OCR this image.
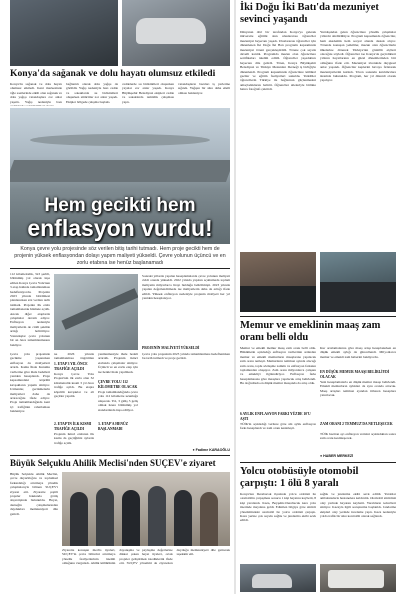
Konya'da sağanak ve dolu hayatı olumsuz etkiledi
Konya'da sağanak ve dolu hayatı olumsuz etkiledi. Kent merkezinde öğle saatlerinde etkili olan sağanak ve dolu yağışı vatandaşlara zor anlar yaşattı. Yağış nedeniyle bazı
bağlantılı olarak dolu yağışı da görüldü. Yağış nedeniyle bazı cadde ve sokaklarda su birikintileri oluşurken sürücüler zor anlar yaşadı. Ekipler bölgede çalışma başlattı.
caddelerde su birikintileri oluşurken yayalar zor anlar yaşadı. Konya Büyükşehir Belediyesi ekipleri cadde ve sokaklarda temizlik çalışması yaptı.
vatandaşların bazıları iş yerlerine sığındı. Yağışın bir süre daha etkili olması bekleniyor.
Hem gecikti hem
enflasyon vurdu!
Konya çevre yolu projesinde söz verilen bitiş tarihi tutmadı. Hem proje gecikti hem de projenin yüksek enflasyondan dolayı yapım maliyeti yükseldi. Çevre yolunun üçüncü ve en zorlu etabına ise henüz başlanamadı
112 kilometrelik, 3x3 şeritli, bölünmüş yol olarak inşa edilen Konya Çevre Yolu'nun 3 etap halinde tamamlanması hedefleniyordu. Projenin 2023 yılında bitirilmesi planlanırken söz verilen tarih tutmadı. Projenin ilk etabı tamamlanarak hizmete açıldı. Ancak diğer etaplarda çalışmalar devam ediyor. Enflasyon nedeniyle maliyetlerin de ciddi şekilde arttığı belirtiliyor. Vatandaşlar çevre yolunun bir an önce tamamlanmasını bekliyor.
Çevre yolu projesinde gecikme yaşanırken enflasyon da maliyetleri artırdı. Kamu İhale Kurumu verilerine göre ihale bedelleri yeniden hesaplandı. Proje kapsamındaki köprülü kavşakların yapımı sürüyor. Uzmanlar, gecikmelerin maliyetleri daha da artıracağını ifade ediyor. Proje tamamlandığında kent içi trafiğinin rahatlaması bekleniyor.
ne 2026 yılında tamamlanması öngörülen
1. ETAP 3 YIL ÖNCE TRAFİĞE AÇILDI
Konya Çevre Yolu Projesi'nin ilk etabı olan 32 kilometrelik kısım 3 yıl önce trafiğe açıldı. Bu etapta köprülü kavşaklar ve alt geçitler yapıldı.
2. ETAP'IN İLK KISMI TRAFİĞE AÇILDI
Projenin ikinci etabının ilk kısmı da geçtiğimiz aylarda trafiğe açıldı.
yenilenmesiyle ihale bedeli artırıldı. Projenin ikinci etabında çalışmalar sürüyor. Üçüncü ve en zorlu etap için ise henüz ihale yapılmadı.
ÇEVRE YOLU 112 KİLOMETRE OLACAK
Proje tamamlandığında çevre yolu 112 kilometre uzunluğa ulaşacak. Yol, 3 gidiş 3 geliş olmak üzere bölünmüş yol standardında inşa ediliyor.
3. ETAP'A HENÜZ BAŞLANMADI
Sonraki yıllarda yapılan hesaplamalarda çevre yolunun maliyeti ciddi oranda yükseldi. 2022 yılında yapılan açıklamada toplam maliyetin milyarlarca lirayı bulduğu belirtilmişti. 2023 yılında yapılan değerlendirmede ise maliyetlerin daha da arttığı ifade edildi. Yüksek enflasyon nedeniyle projenin maliyeti her yıl yeniden hesaplanıyor.
PROJENİN MALİYETİ YÜKSELDİ
Çevre yolu projesinin 2023 yılında tamamlanması hedeflenirken bu tarih tutmadı ve proje gecikti.
● Fadime KARAOĞLU
Büyük Selçuklu Ahilik Meclisi'nden SUÇEV'e ziyaret
Büyük Selçuklu Ahilik Meclisi, çevre duyarlılığını ve toplumsal farkındalığı artırmaya yönelik çalışmalarıyla bilinen SUÇEV'i ziyaret etti. Ziyarette çeşitli projeler hakkında görüş alışverişinde bulunuldu. Heyet, derneğin çalışmalarından duydukları memnuniyeti dile getirdi.
Ziyarette konuşan meclis üyeleri, SUÇEV'in çevre bilincini artırmaya yönelik faaliyetlerinin önemli olduğunu vurguladı. Ahilik kültürünün dayanışma ve paylaşma değerlerine dikkat çeken heyet üyeleri, ortak projeler geliştirmek istediklerini ifade etti. SUÇEV yönetimi de ziyaretten duyduğu memnuniyeti dile getirerek teşekkür etti.
İki Doğu İki Batı'da mezuniyet sevinci yaşandı
Dünyanın dört bir tarafından Konya'ya gelerek üniversite eğitimi alan uluslararası öğrenciler mezuniyet heyecanı yaşadı. Uluslararası öğrenciler için düzenlenen İki Doğu İki Batı programı kapsamında mezuniyet töreni gerçekleştirildi. Törene çok sayıda davetli katıldı. Programda mezun olan öğrencilere sertifikaları takdim edildi. Öğrenciler yaşadıkları heyecanı dile getirdi. Tören, Konya Büyükşehir Belediyesi ve Türkiye Mezunları Derneği iş birliğiyle düzenlendi. Program kapsamında öğrencilere kültürel geziler ve eğitim faaliyetleri sunuldu. Yetkililer öğrencilerin Türkiye ile bağlarının güçlenmesini amaçladıklarını belirtti. Öğrenciler aileleriyle birlikte hatıra fotoğrafı çektirdi.
Yurtdışından gelen öğrencilere yönelik çalışmalar yıllardır sürdürülüyor. Program kapsamında öğrenciler, hem akademik hem sosyal alanda destek alıyor. Törende konuşan yetkililer, mezun olan öğrencilerin ülkelerine dönerek Türkiye'nin gönüllü elçileri olacağını söyledi. Öğrenciler ise Konya'da geçirdikleri yılların hayatlarının en güzel dönemlerinden biri olduğunu ifade etti. Mezuniyet töreninde duygusal anlar yaşandı. Öğrenciler keplerini havaya fırlatarak mezuniyetlerini kutladı. Tören sonunda katılımcılara ikramda bulunuldu. Program, her yıl düzenli olarak yapılıyor.
Memur ve emeklinin maaş zam oranı belli oldu
Memur ve emekli memur maaş zam oranı belli oldu. Hükümetin açıkladığı enflasyon verilerinin ardından memur ve emekli memurların maaşlarına yapılacak zam oranı netleşti. Memurların temmuz ayında alacağı zam oranı, toplu sözleşme zammı ve enflasyon farkının toplamından oluşuyor. Zam oranı milyonlarca çalışanı ve emekliyi ilgilendiriyor. Enflasyon farkı hesaplamasına göre maaşlara yapılacak artış belirlendi. Bu doğrultuda en düşük memur maaşında da artış oldu.
6 AYLIK ENFLASYON FARKI YÜZDE 10'U AŞTI
TÜİK'in açıkladığı verilere göre altı aylık enflasyon farkı hesaplandı ve zam oranı kesinleşti.
Kur ortalamalarına göre maaş artışı hesaplanırken en düşük emekli aylığı da güncellendi. Milyonlarca memur ve emekli zam haberini bekliyordu.
EN DÜŞÜK MEMUR MAAŞI BELİRLİYDİ OLACAK
Yeni hesaplamalarla en düşük memur maaşı belirlendi. Emekli memurların aylıkları da aynı oranda artacak. Maaş artışları temmuz ayından itibaren hesaplara yatırılacak.
ZAM ORANI 2 TEMMUZ'DA NETLEŞECEK
TÜİK haziran ayı enflasyon verisini açıkladıktan sonra zam oranı kesinleşecek.
● HABER MERKEZİ
Yolcu otobüsüyle otomobil çarpıştı: 1 ölü 8 yaralı
Konya'nın Derebucak ilçesinde yolcu otobüsü ile otomobilin çarpışması sonucu 1 kişi hayatını kaybetti, 8 kişi yaralandı. Kaza, Beyşehir-Derebucak kara yolu üzerinde meydana geldi. Edinilen bilgiye göre sürücü yönetimindeki otomobil ile yolcu otobüsü çarpıştı. Kaza yerine çok sayıda sağlık ve jandarma ekibi sevk edildi.
sağlık ve jandarma ekibi sevk edildi. Yaralılar ambulanslarla hastanelere kaldırıldı. Otomobil sürücüsü olay yerinde hayatını kaybetti. Yaralıların tedavileri sürüyor. Kazayla ilgili soruşturma başlatıldı. Jandarma ekipleri olay yerinde inceleme yaptı. Kaza nedeniyle yolda trafik bir süre kontrollü olarak sağlandı.
